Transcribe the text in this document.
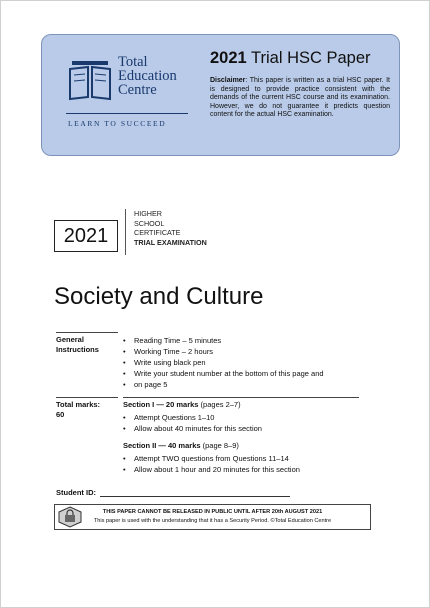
Total
Education
Centre
LEARN TO SUCCEED
2021 Trial HSC Paper
Disclaimer: This paper is written as a trial HSC paper. It is designed to provide practice consistent with the demands of the current HSC course and its examination. However, we do not guarantee it predicts question content for the actual HSC examination.
2021
HIGHER
SCHOOL
CERTIFICATE
TRIAL EXAMINATION
Society and Culture
General
Instructions
• Reading Time – 5 minutes
• Working Time – 2 hours
• Write using black pen
• Write your student number at the bottom of this page and
• on page 5
Total marks:
60
Section I — 20 marks (pages 2–7)
• Attempt Questions 1–10
• Allow about 40 minutes for this section
Section II — 40 marks (page 8–9)
• Attempt TWO questions from Questions 11–14
• Allow about 1 hour and 20 minutes for this section
Student ID:
THIS PAPER CANNOT BE RELEASED IN PUBLIC UNTIL AFTER 20th AUGUST 2021
This paper is used with the understanding that it has a Security Period. ©Total Education Centre
